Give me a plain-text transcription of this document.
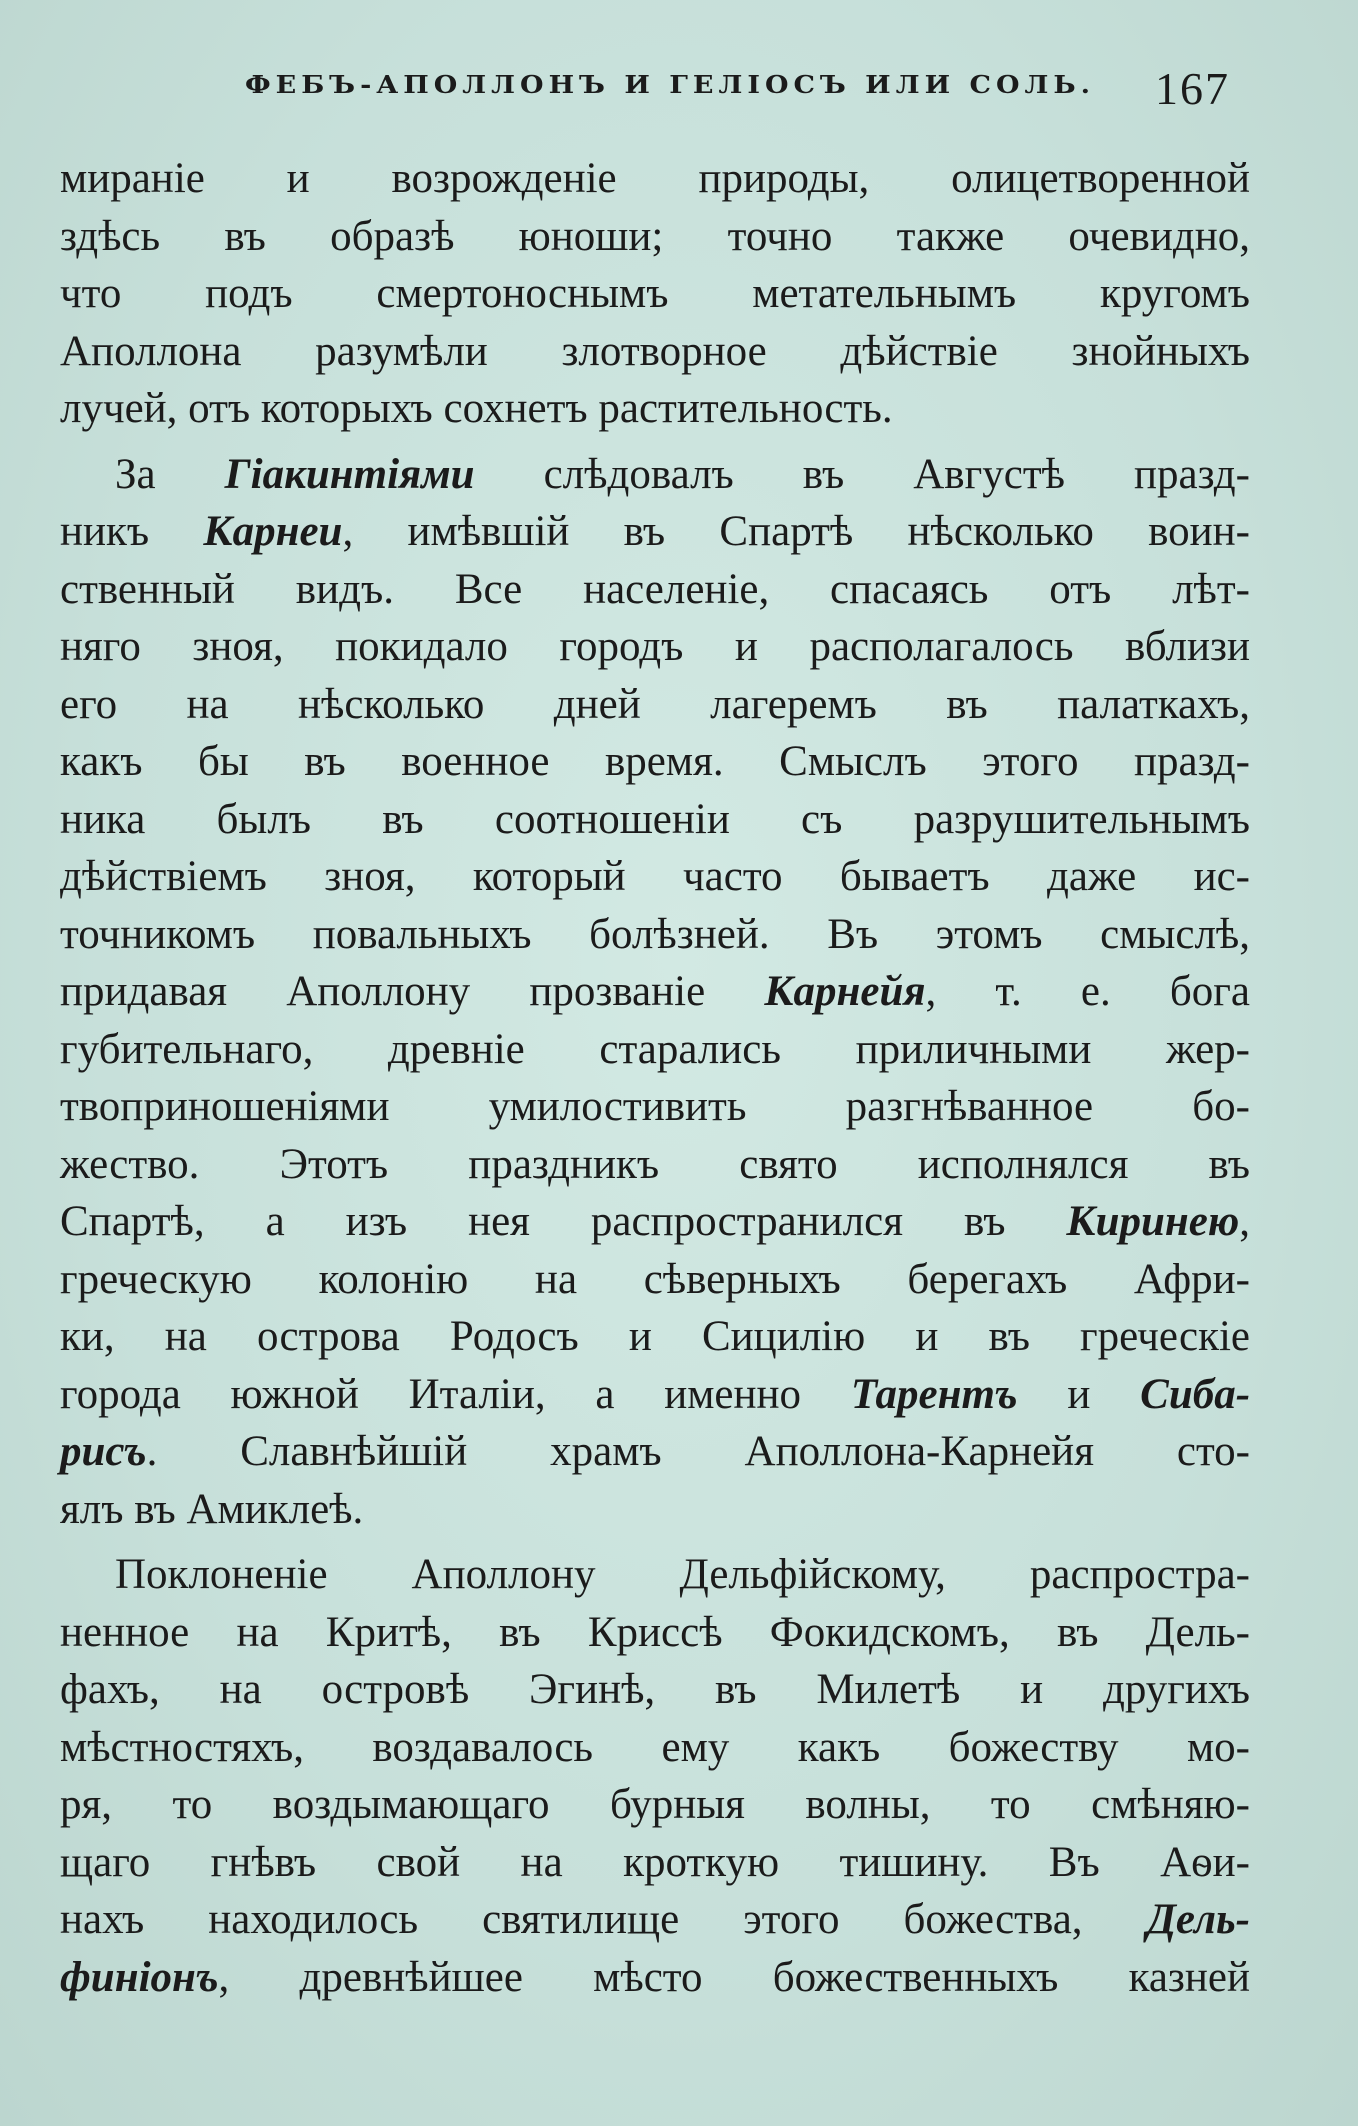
ФЕБЪ-АПОЛЛОНЪ И ГЕЛІОСЪ ИЛИ СОЛЬ. 167
мираніе и возрожденіе природы, олицетворенной
здѣсь въ образѣ юноши; точно также очевидно,
что подъ смертоноснымъ метательнымъ кругомъ
Аполлона разумѣли злотворное дѣйствіе знойныхъ
лучей, отъ которыхъ сохнетъ растительность.
За Гіакинтіями слѣдовалъ въ Августѣ празд-
никъ Карнеи, имѣвшій въ Спартѣ нѣсколько воин-
ственный видъ. Все населеніе, спасаясь отъ лѣт-
няго зноя, покидало городъ и располагалось вблизи
его на нѣсколько дней лагеремъ въ палаткахъ,
какъ бы въ военное время. Смыслъ этого празд-
ника былъ въ соотношеніи съ разрушительнымъ
дѣйствіемъ зноя, который часто бываетъ даже ис-
точникомъ повальныхъ болѣзней. Въ этомъ смыслѣ,
придавая Аполлону прозваніе Карнейя, т. е. бога
губительнаго, древніе старались приличными жер-
твоприношеніями умилостивить разгнѣванное бо-
жество. Этотъ праздникъ свято исполнялся въ
Спартѣ, а изъ нея распространился въ Киринею,
греческую колонію на сѣверныхъ берегахъ Афри-
ки, на острова Родосъ и Сицилію и въ греческіе
города южной Италіи, а именно Тарентъ и Сиба-
рисъ. Славнѣйшій храмъ Аполлона-Карнейя сто-
ялъ въ Амиклеѣ.
Поклоненіе Аполлону Дельфійскому, распростра-
ненное на Критѣ, въ Криссѣ Фокидскомъ, въ Дель-
фахъ, на островѣ Эгинѣ, въ Милетѣ и другихъ
мѣстностяхъ, воздавалось ему какъ божеству мо-
ря, то воздымающаго бурныя волны, то смѣняю-
щаго гнѣвъ свой на кроткую тишину. Въ Аѳи-
нахъ находилось святилище этого божества, Дель-
финіонъ, древнѣйшее мѣсто божественныхъ казней
